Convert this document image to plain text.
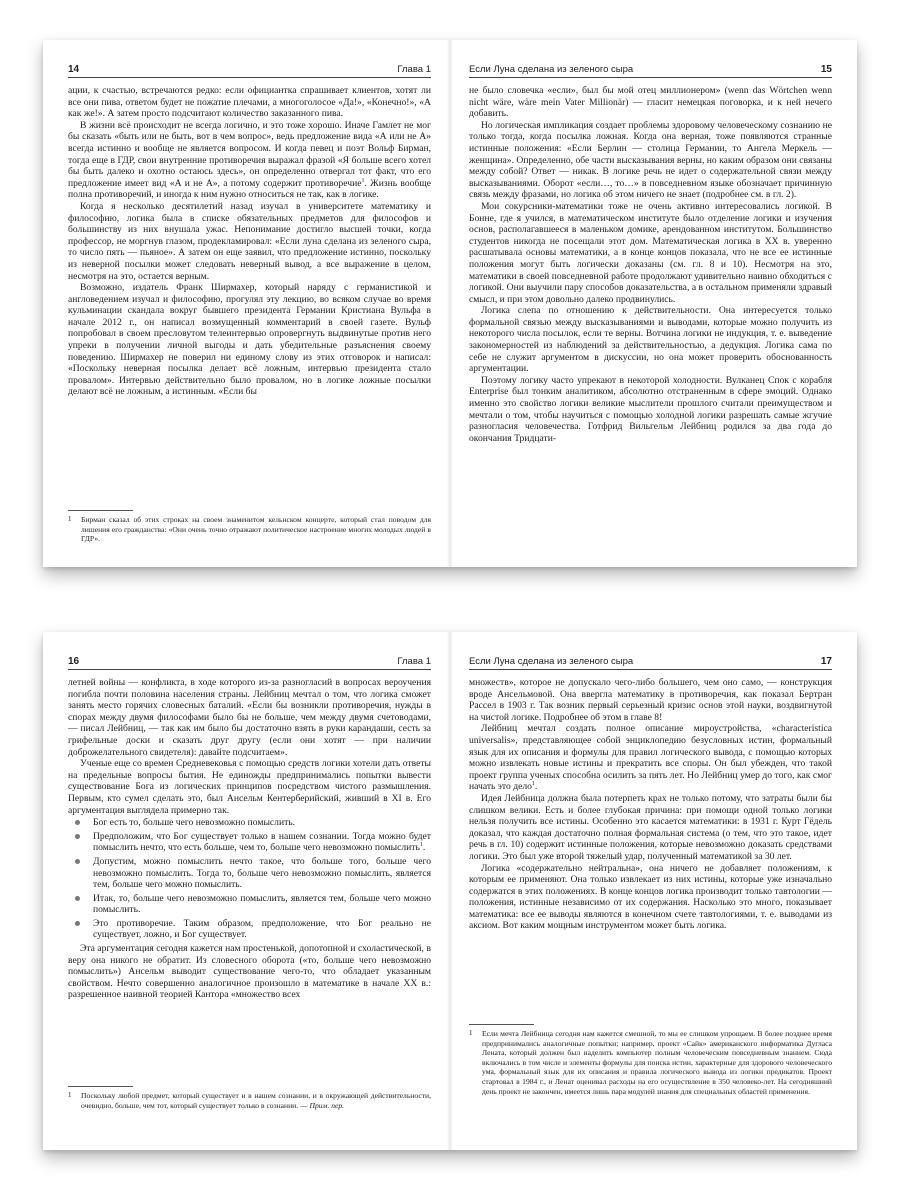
14	Глава 1

ации, к счастью, встречаются редко: если официантка спрашивает клиентов, хотят ли все они пива, ответом будет не пожатие плечами, а многоголосое «Да!», «Конечно!», «А как же!». А затем просто подсчитают количество заказанного пива.

В жизни всё происходит не всегда логично, и это тоже хорошо. Иначе Гамлет не мог бы сказать «быть или не быть, вот в чем вопрос», ведь предложение вида «А или не А» всегда истинно и вообще не является вопросом. И когда певец и поэт Вольф Бирман, тогда еще в ГДР, свои внутренние противоречия выражал фразой «Я больше всего хотел бы быть далеко и охотно остаюсь здесь», он определенно отвергал тот факт, что его предложение имеет вид «А и не А», а потому содержит противоречие$^1$. Жизнь вообще полна противоречий, и иногда к ним нужно относиться не так, как в логике.

Когда я несколько десятилетий назад изучал в университете математику и философию, логика была в списке обязательных предметов для философов и большинству из них внушала ужас. Непонимание достигло высшей точки, когда профессор, не моргнув глазом, продекламировал: «Если луна сделана из зеленого сыра, то число пять — пьяное». А затем он еще заявил, что предложение истинно, поскольку из неверной посылки может следовать неверный вывод, а все выражение в целом, несмотря на это, остается верным.

Возможно, издатель Франк Ширмахер, который наряду с германистикой и англоведением изучал и философию, прогулял эту лекцию, во всяком случае во время кульминации скандала вокруг бывшего президента Германии Кристиана Вульфа в начале 2012 г., он написал возмущенный комментарий в своей газете. Вульф попробовал в своем пресловутом телеинтервью опровергнуть выдвинутые против него упреки в получении личной выгоды и дать убедительные разъяснения своему поведению. Ширмахер не поверил ни единому слову из этих отговорок и написал: «Поскольку неверная посылка делает всё ложным, интервью президента стало провалом». Интервью действительно было провалом, но в логике ложные посылки делают всё не ложным, а истинным. «Если бы

1 Бирман сказал об этих строках на своем знаменитом кельнском концерте, который стал поводом для лишения его гражданства: «Они очень точно отражают политическое настроение многих молодых людей в ГДР».
Если Луна сделана из зеленого сыра	15

не было словечка «если», был бы мой отец миллионером» (wenn das Wörtchen wenn nicht wäre, wäre mein Vater Millionär) — гласит немецкая поговорка, и к ней нечего добавить.

Но логическая импликация создает проблемы здоровому человеческому сознанию не только тогда, когда посылка ложная. Когда она верная, тоже появляются странные истинные положения: «Если Берлин — столица Германии, то Ангела Меркель — женщина». Определенно, обе части высказывания верны, но каким образом они связаны между собой? Ответ — никак. В логике речь не идет о содержательной связи между высказываниями. Оборот «если…, то…» в повседневном языке обозначает причинную связь между фразами, но логика об этом ничего не знает (подробнее см. в гл. 2).

Мои сокурсники-математики тоже не очень активно интересовались логикой. В Бонне, где я учился, в математическом институте было отделение логики и изучения основ, располагавшееся в маленьком домике, арендованном институтом. Большинство студентов никогда не посещали этот дом. Математическая логика в XX в. уверенно расшатывала основы математики, а в конце концов показала, что не все ее истинные положения могут быть логически доказаны (см. гл. 8 и 10). Несмотря на это, математики в своей повседневной работе продолжают удивительно наивно обходиться с логикой. Они выучили пару способов доказательства, а в остальном применяли здравый смысл, и при этом довольно далеко продвинулись.

Логика слепа по отношению к действительности. Она интересуется только формальной связью между высказываниями и выводами, которые можно получить из некоторого числа посылок, если те верны. Вотчина логики не индукция, т. е. выведение закономерностей из наблюдений за действительностью, а дедукция. Логика сама по себе не служит аргументом в дискуссии, но она может проверить обоснованность аргументации.

Поэтому логику часто упрекают в некоторой холодности. Вулканец Спок с корабля Enterprise был тонким аналитиком, абсолютно отстраненным в сфере эмоций. Однако именно это свойство логики великие мыслители прошлого считали преимуществом и мечтали о том, чтобы научиться с помощью холодной логики разрешать самые жгучие разногласия человечества. Готфрид Вильгельм Лейбниц родился за два года до окончания Тридцати-

16	Глава 1

летней войны — конфликта, в ходе которого из-за разногласий в вопросах вероучения погибла почти половина населения страны. Лейбниц мечтал о том, что логика сможет занять место горячих словесных баталий. «Если бы возникли противоречия, нужды в спорах между двумя философами было бы не больше, чем между двумя счетоводами, — писал Лейбниц, — так как им было бы достаточно взять в руки карандаши, сесть за грифельные доски и сказать друг другу (если они хотят — при наличии доброжелательного свидетеля): давайте подсчитаем».

Ученые еще со времен Средневековья с помощью средств логики хотели дать ответы на предельные вопросы бытия. Не единожды предпринимались попытки вывести существование Бога из логических принципов посредством чистого размышления. Первым, кто сумел сделать это, был Ансельм Кентерберийский, живший в XI в. Его аргументация выглядела примерно так.

Бог есть то, больше чего невозможно помыслить.
Предположим, что Бог существует только в нашем сознании. Тогда можно будет помыслить нечто, что есть больше, чем то, больше чего невозможно помыслить$^1$.
Допустим, можно помыслить нечто такое, что больше того, больше чего невозможно помыслить. Тогда то, больше чего невозможно помыслить, является тем, больше чего можно помыслить.
Итак, то, больше чего невозможно помыслить, является тем, больше чего можно помыслить.
Это противоречие. Таким образом, предположение, что Бог реально не существует, ложно, и Бог существует.

Эта аргументация сегодня кажется нам простенькой, допотопной и схоластической, в веру она никого не обратит. Из словесного оборота («то, больше чего невозможно помыслить») Ансельм выводит существование чего-то, что обладает указанным свойством. Нечто совершенно аналогичное произошло в математике в начале XX в.: разрешенное наивной теорией Кантора «множество всех

1 Поскольку любой предмет, который существует и в нашем сознании, и в окружающей действительности, очевидно, больше, чем тот, который существует только в сознании. — Прим. пер.
Если Луна сделана из зеленого сыра	17

множеств», которое не допускало чего-либо большего, чем оно само, — конструкция вроде Ансельмовой. Она ввергла математику в противоречия, как показал Бертран Рассел в 1903 г. Так возник первый серьезный кризис основ этой науки, воздвигнутой на чистой логике. Подробнее об этом в главе 8!

Лейбниц мечтал создать полное описание мироустройства, «characteristica universalis», представляющее собой энциклопедию безусловных истин, формальный язык для их описания и формулы для правил логического вывода, с помощью которых можно извлекать новые истины и прекратить все споры. Он был убежден, что такой проект группа ученых способна осилить за пять лет. Но Лейбниц умер до того, как смог начать это дело$^1$.

Идея Лейбница должна была потерпеть крах не только потому, что затраты были бы слишком велики. Есть и более глубокая причина: при помощи одной только логики нельзя получить все истины. Особенно это касается математики: в 1931 г. Курт Гёдель доказал, что каждая достаточно полная формальная система (о тем, что это такое, идет речь в гл. 10) содержит истинные положения, которые невозможно доказать средствами логики. Это был уже второй тяжелый удар, полученный математикой за 30 лет.

Логика «содержательно нейтральна», она ничего не добавляет положениям, к которым ее применяют. Она только извлекает из них истины, которые уже изначально содержатся в этих положениях. В конце концов логика производит только тавтологии — положения, истинные независимо от их содержания. Насколько это много, показывает математика: все ее выводы являются в конечном счете тавтологиями, т. е. выводами из аксиом. Вот каким мощным инструментом может быть логика.

1 Если мечта Лейбница сегодня нам кажется смешной, то мы ее слишком упрощаем. В более позднее время предпринимались аналогичные попытки; например, проект «Сайк» американского информатика Дугласа Лената, который должен был наделить компьютер полным человеческим повседневным знанием. Сюда включались в том числе и элементы формулы для поиска истин, характерные для здорового человеческого ума, формальный язык для их описания и правила логического вывода из логики предикатов. Проект стартовал в 1984 г., и Ленат оценивал расходы на его осуществление в 350 человеко-лет. На сегодняшний день проект не закончен, имеется лишь пара модулей знания для специальных областей применения.
